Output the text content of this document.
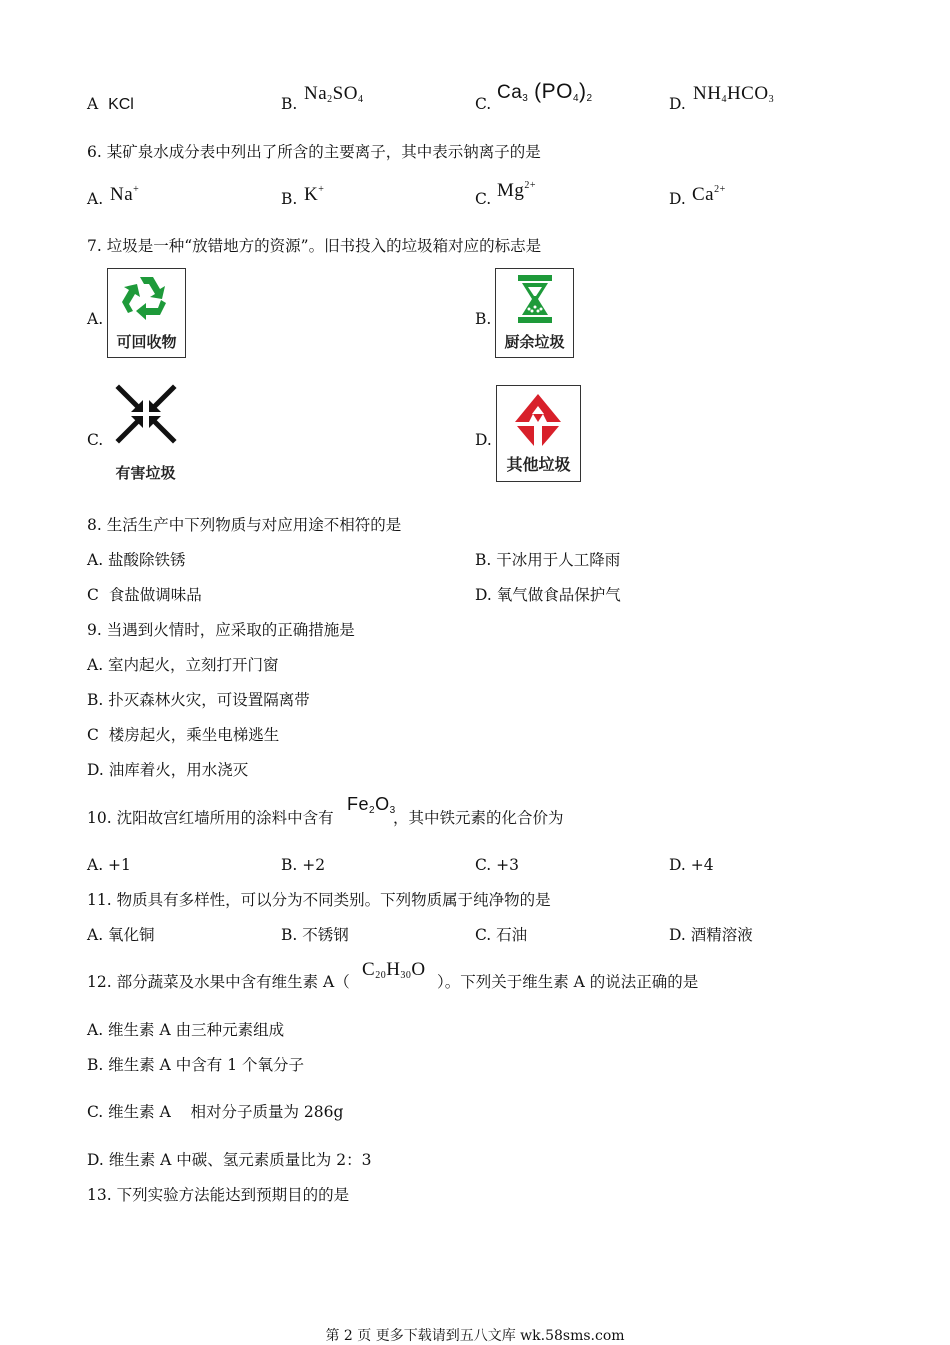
A KCl	B. $Na_2SO_4$	C.
$Ca_3$ $(PO_4)_2$	D. $NH_4HCO_3$
6. 某矿泉水成分表中列出了所含的主要离子，其中表示钠离子的是
A. Na+
B. K+
C. $Mg^{2+}$
D. $Ca^{2+}$
7. 垃圾是一种“放错地方的资源”。旧书投入的垃圾箱对应的标志是
A.
可回收物
B.
厨余垃圾
C.
有害垃圾
D.
其他垃圾
8. 生活生产中下列物质与对应用途不相符的是
A. 盐酸除铁锈	B. 干冰用于人工降雨
C  食盐做调味品	D. 氧气做食品保护气
9. 当遇到火情时，应采取的正确措施是
A. 室内起火，立刻打开门窗
B. 扑灭森林火灾，可设置隔离带
C  楼房起火，乘坐电梯逃生
D. 油库着火，用水浇灭
10. 沈阳故宫红墙所用的涂料中含有
$Fe_2O_3$
，其中铁元素的化合价为
A. +1	B. +2	C. +3	D. +4
11. 物质具有多样性，可以分为不同类别。下列物质属于纯净物的是
A. 氧化铜	B. 不锈钢	C. 石油	D. 酒精溶液
12. 部分蔬菜及水果中含有维生素 A（
$C_{20}H_{30}O$
）。下列关于维生素 A 的说法正确的是
A. 维生素 A 由三种元素组成
B. 维生素 A 中含有 1 个氧分子
C. 维生素 A    相对分子质量为 286g
D. 维生素 A 中碳、氢元素质量比为 2：3
13. 下列实验方法能达到预期目的的是
第 2 页 更多下载请到五八文库 wk.58sms.com
